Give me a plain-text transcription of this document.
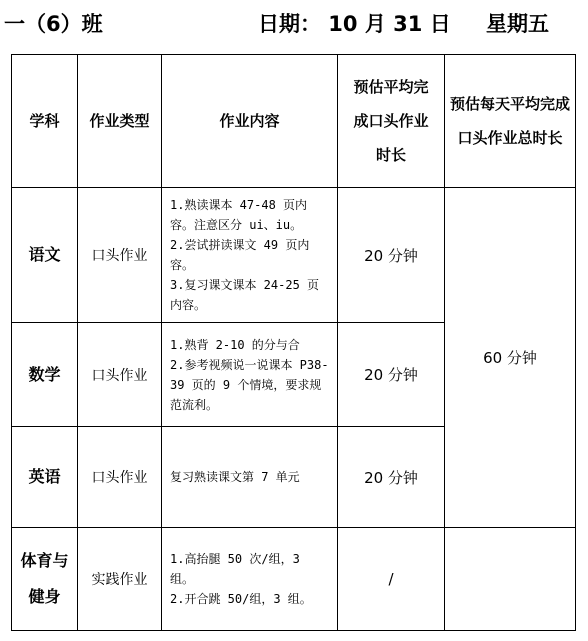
一（6）班	日期： 10 月 31 日 星期五
学科	作业类型	作业内容	预估平均完成口头作业时长	预估每天平均完成口头作业总时长
语文	口头作业	1.熟读课本 47-48 页内容。注意区分 ui、iu。
2.尝试拼读课文 49 页内容。
3.复习课文课本 24-25 页内容。	20 分钟	60 分钟
数学	口头作业	1.熟背 2-10 的分与合
2.参考视频说一说课本 P38-39 页的 9 个情境，要求规范流利。	20 分钟	
英语	口头作业	复习熟读课文第 7 单元	20 分钟	
体育与健身	实践作业	1.高抬腿 50 次/组，3 组。
2.开合跳 50/组，3 组。	/	
